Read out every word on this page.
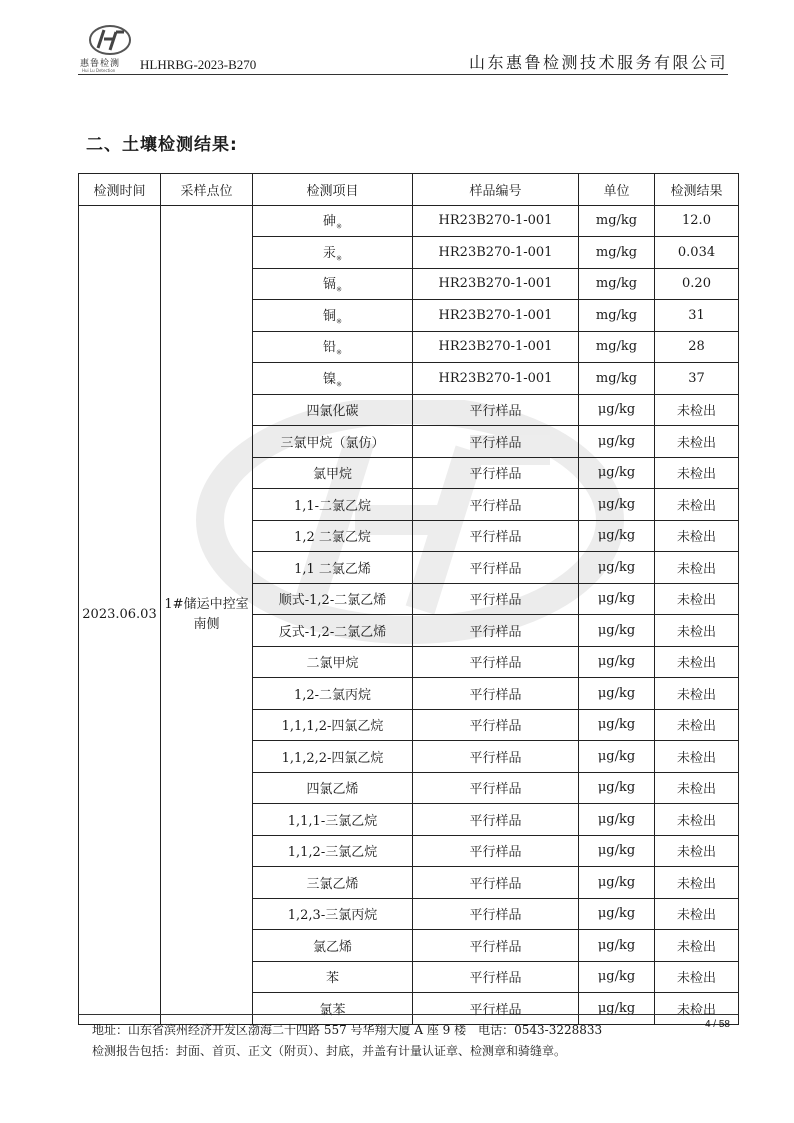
惠鲁检测
Hui Lu Detection HLHRBG-2023-B270	山东惠鲁检测技术服务有限公司
二、土壤检测结果:
检测时间	采样点位	检测项目	样品编号	单位	检测结果
2023.06.03	1#储运中控室南侧	砷$_※$	HR23B270-1-001	mg/kg	12.0
		汞$_※$	HR23B270-1-001	mg/kg	0.034
		镉$_※$	HR23B270-1-001	mg/kg	0.20
		铜$_※$	HR23B270-1-001	mg/kg	31
		铅$_※$	HR23B270-1-001	mg/kg	28
		镍$_※$	HR23B270-1-001	mg/kg	37
		四氯化碳	平行样品	μg/kg	未检出
		三氯甲烷（氯仿）	平行样品	μg/kg	未检出
		氯甲烷	平行样品	μg/kg	未检出
		1,1-二氯乙烷	平行样品	μg/kg	未检出
		1,2 二氯乙烷	平行样品	μg/kg	未检出
		1,1 二氯乙烯	平行样品	μg/kg	未检出
		顺式-1,2-二氯乙烯	平行样品	μg/kg	未检出
		反式-1,2-二氯乙烯	平行样品	μg/kg	未检出
		二氯甲烷	平行样品	μg/kg	未检出
		1,2-二氯丙烷	平行样品	μg/kg	未检出
		1,1,1,2-四氯乙烷	平行样品	μg/kg	未检出
		1,1,2,2-四氯乙烷	平行样品	μg/kg	未检出
		四氯乙烯	平行样品	μg/kg	未检出
		1,1,1-三氯乙烷	平行样品	μg/kg	未检出
		1,1,2-三氯乙烷	平行样品	μg/kg	未检出
		三氯乙烯	平行样品	μg/kg	未检出
		1,2,3-三氯丙烷	平行样品	μg/kg	未检出
		氯乙烯	平行样品	μg/kg	未检出
		苯	平行样品	μg/kg	未检出
		氯苯	平行样品	μg/kg	未检出
地址：山东省滨州经济开发区渤海二十四路 557 号华翔大厦 A 座 9 楼　电话：0543-3228833	4 / 58
检测报告包括：封面、首页、正文（附页）、封底，并盖有计量认证章、检测章和骑缝章。
